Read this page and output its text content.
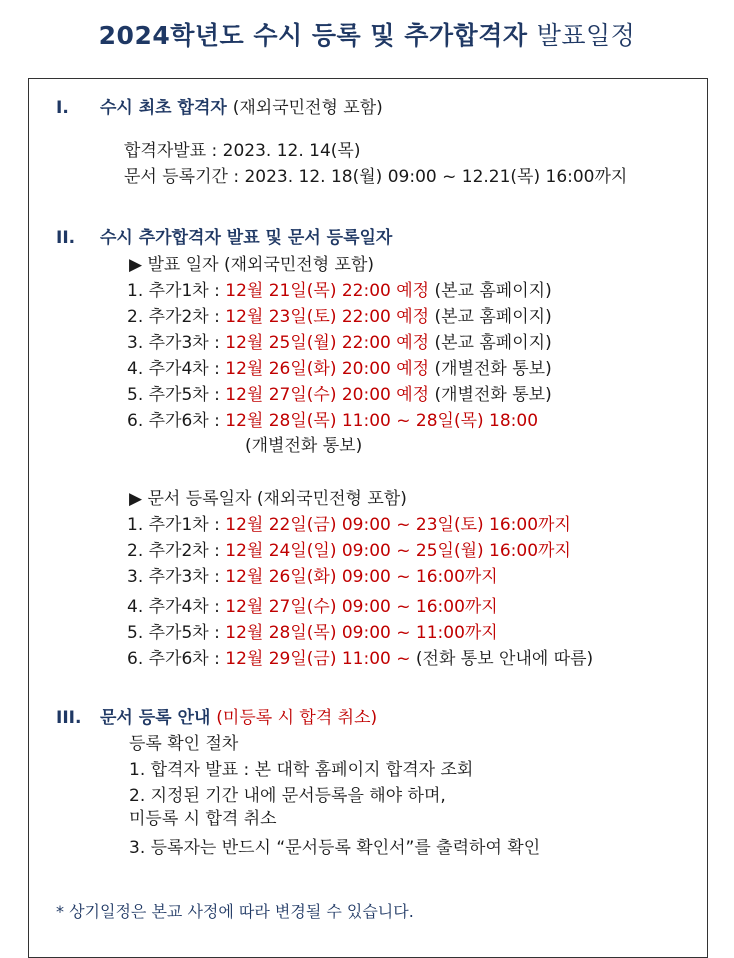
2024학년도 수시 등록 및 추가합격자 발표일정
I. 수시 최초 합격자 (재외국민전형 포함)
합격자발표 : 2023. 12. 14(목)
문서 등록기간 : 2023. 12. 18(월) 09:00 ~ 12.21(목) 16:00까지
II. 수시 추가합격자 발표 및 문서 등록일자
▶ 발표 일자 (재외국민전형 포함)
1. 추가1차 : 12월 21일(목) 22:00 예정 (본교 홈페이지)
2. 추가2차 : 12월 23일(토) 22:00 예정 (본교 홈페이지)
3. 추가3차 : 12월 25일(월) 22:00 예정 (본교 홈페이지)
4. 추가4차 : 12월 26일(화) 20:00 예정 (개별전화 통보)
5. 추가5차 : 12월 27일(수) 20:00 예정 (개별전화 통보)
6. 추가6차 : 12월 28일(목) 11:00 ~ 28일(목) 18:00
(개별전화 통보)
▶ 문서 등록일자 (재외국민전형 포함)
1. 추가1차 : 12월 22일(금) 09:00 ~ 23일(토) 16:00까지
2. 추가2차 : 12월 24일(일) 09:00 ~ 25일(월) 16:00까지
3. 추가3차 : 12월 26일(화) 09:00 ~ 16:00까지
4. 추가4차 : 12월 27일(수) 09:00 ~ 16:00까지
5. 추가5차 : 12월 28일(목) 09:00 ~ 11:00까지
6. 추가6차 : 12월 29일(금) 11:00 ~ (전화 통보 안내에 따름)
III. 문서 등록 안내 (미등록 시 합격 취소)
등록 확인 절차
1. 합격자 발표 : 본 대학 홈페이지 합격자 조회
2. 지정된 기간 내에 문서등록을 해야 하며,
미등록 시 합격 취소
3. 등록자는 반드시 “문서등록 확인서”를 출력하여 확인
* 상기일정은 본교 사정에 따라 변경될 수 있습니다.
